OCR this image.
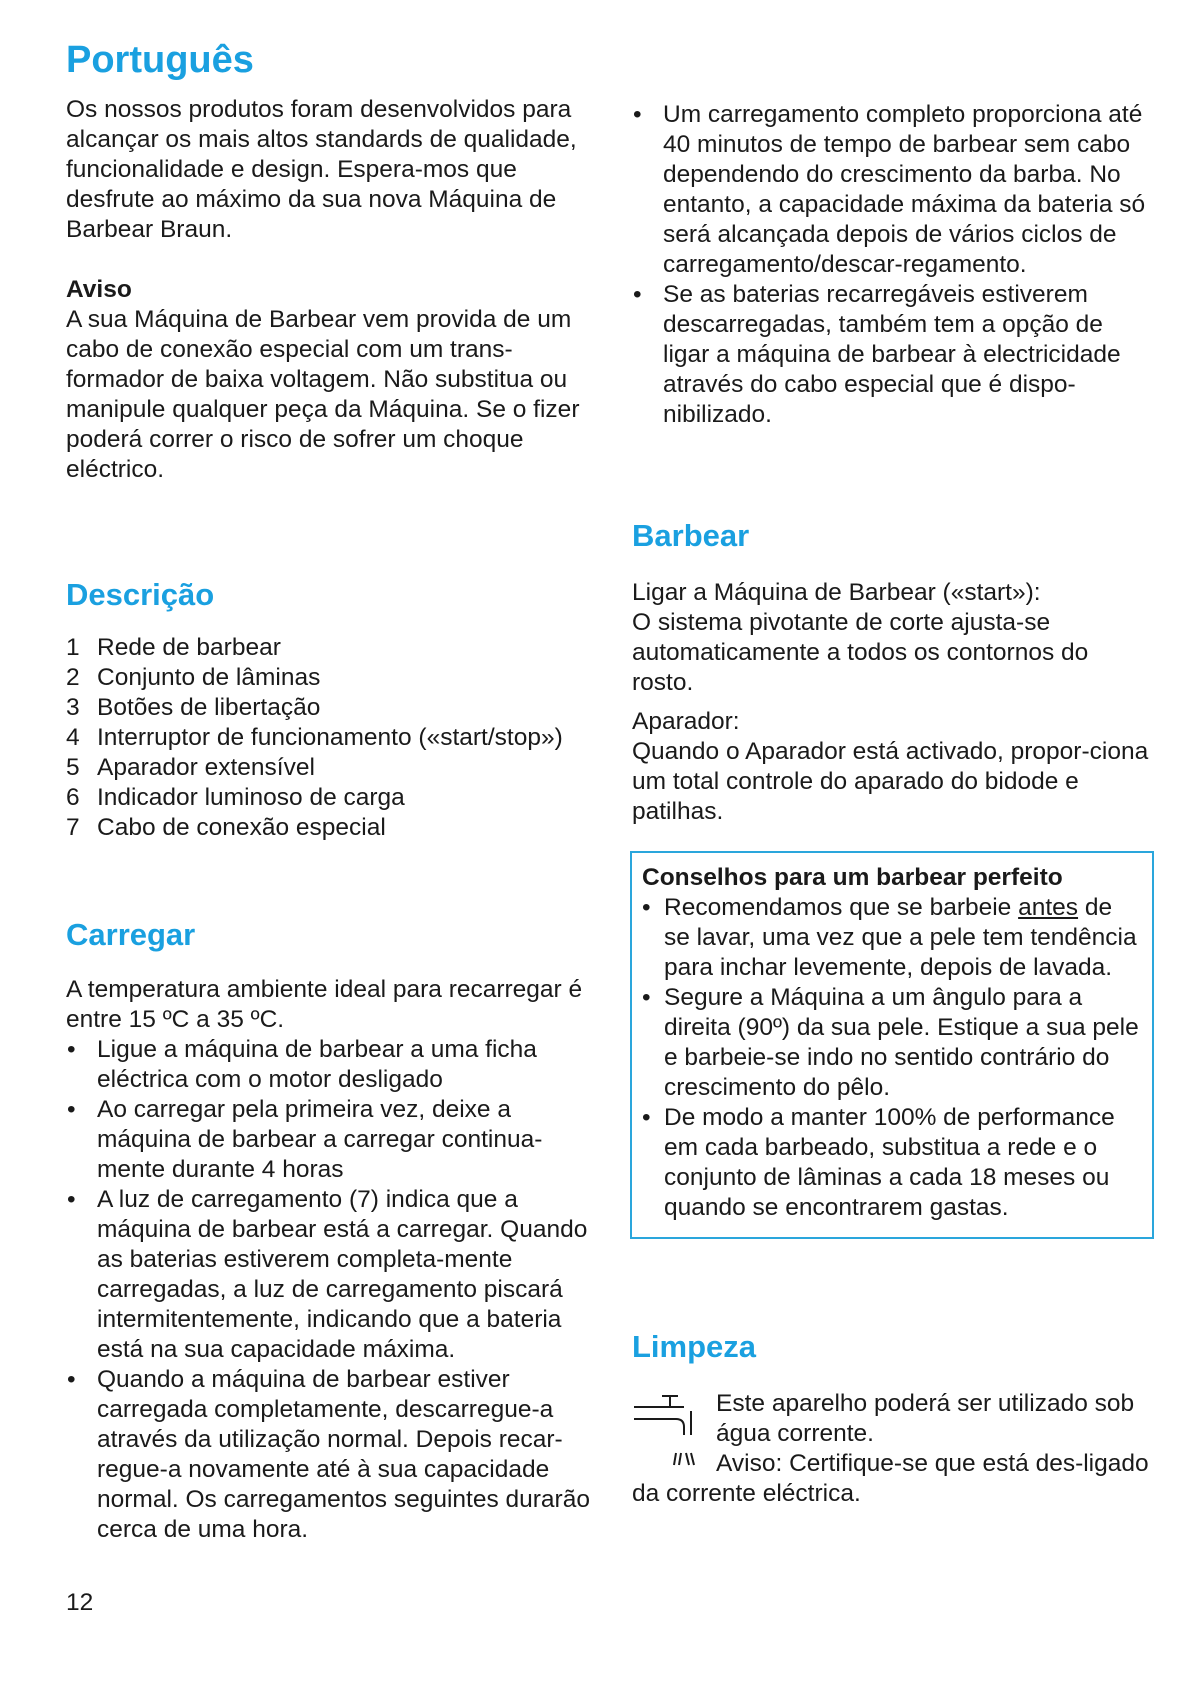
Português

Os nossos produtos foram desenvolvidos para alcançar os mais altos standards de qualidade, funcionalidade e design. Espera-mos que desfrute ao máximo da sua nova Máquina de Barbear Braun.

Aviso

A sua Máquina de Barbear vem provida de um cabo de conexão especial com um trans-formador de baixa voltagem. Não substitua ou manipule qualquer peça da Máquina. Se o fizer poderá correr o risco de sofrer um choque eléctrico.

Descrição
1 Rede de barbear
2 Conjunto de lâminas
3 Botões de libertação
4 Interruptor de funcionamento («start/stop»)
5 Aparador extensível
6 Indicador luminoso de carga
7 Cabo de conexão especial
Carregar

A temperatura ambiente ideal para recarregar é entre 15 ºC a 35 ºC.

• Ligue a máquina de barbear a uma ficha eléctrica com o motor desligado
• Ao carregar pela primeira vez, deixe a máquina de barbear a carregar continua-mente durante 4 horas
• A luz de carregamento (7) indica que a máquina de barbear está a carregar. Quando as baterias estiverem completa-mente carregadas, a luz de carregamento piscará intermitentemente, indicando que a bateria está na sua capacidade máxima.
• Quando a máquina de barbear estiver carregada completamente, descarregue-a através da utilização normal. Depois recar-regue-a novamente até à sua capacidade normal. Os carregamentos seguintes durarão cerca de uma hora.
• Um carregamento completo proporciona até 40 minutos de tempo de barbear sem cabo dependendo do crescimento da barba. No entanto, a capacidade máxima da bateria só será alcançada depois de vários ciclos de carregamento/descar-regamento.
• Se as baterias recarregáveis estiverem descarregadas, também tem a opção de ligar a máquina de barbear à electricidade através do cabo especial que é dispo-nibilizado.
Barbear

Ligar a Máquina de Barbear («start»):

O sistema pivotante de corte ajusta-se automaticamente a todos os contornos do rosto.

Aparador:

Quando o Aparador está activado, propor-ciona um total controle do aparado do bidode e patilhas.

Conselhos para um barbear perfeito

• Recomendamos que se barbeie antes de se lavar, uma vez que a pele tem tendência para inchar levemente, depois de lavada.
• Segure a Máquina a um ângulo para a direita (90º) da sua pele. Estique a sua pele e barbeie-se indo no sentido contrário do crescimento do pêlo.
• De modo a manter 100% de performance em cada barbeado, substitua a rede e o conjunto de lâminas a cada 18 meses ou quando se encontrarem gastas.
Limpeza

Este aparelho poderá ser utilizado sob água corrente.

Aviso: Certifique-se que está des-ligado da corrente eléctrica.

12
